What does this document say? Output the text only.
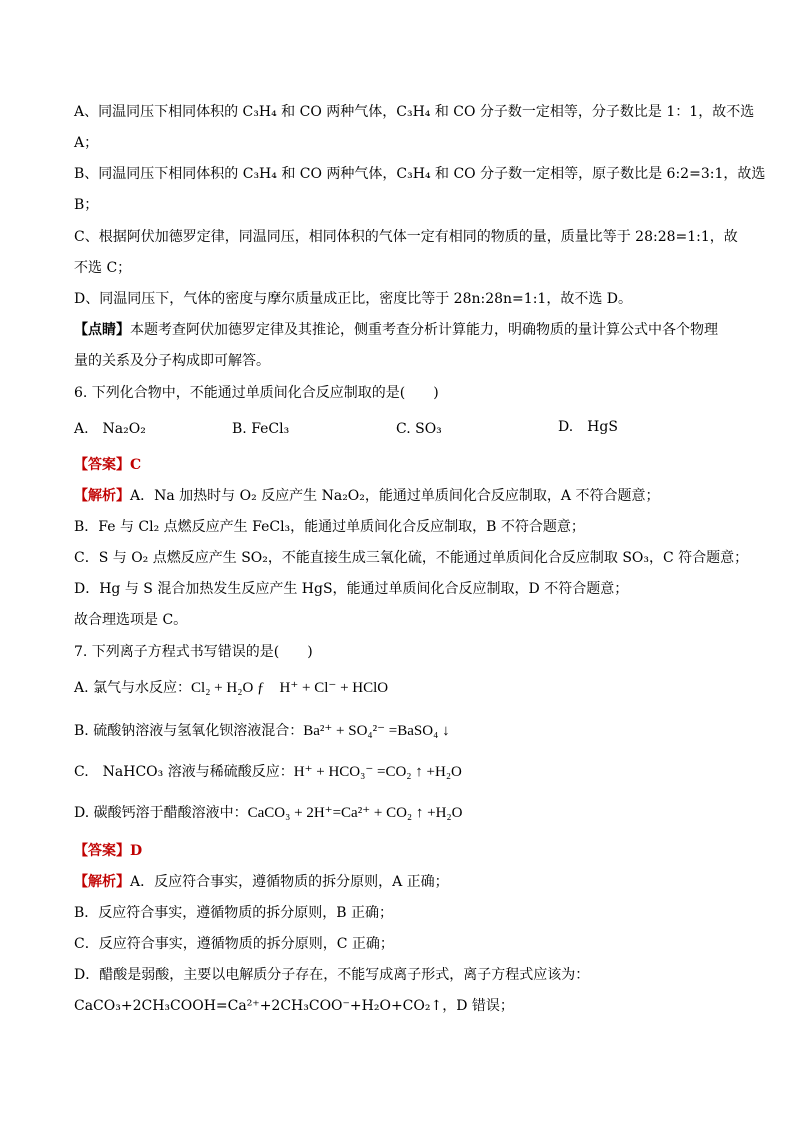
A、同温同压下相同体积的 C₃H₄ 和 CO 两种气体，C₃H₄ 和 CO 分子数一定相等，分子数比是 1：1，故不选
A；
B、同温同压下相同体积的 C₃H₄ 和 CO 两种气体，C₃H₄ 和 CO 分子数一定相等，原子数比是 6:2=3:1，故选
B；
C、根据阿伏加德罗定律，同温同压，相同体积的气体一定有相同的物质的量，质量比等于 28:28=1:1，故
不选 C；
D、同温同压下，气体的密度与摩尔质量成正比，密度比等于 28n:28n=1:1，故不选 D。
【点睛】本题考查阿伏加德罗定律及其推论，侧重考查分析计算能力，明确物质的量计算公式中各个物理
量的关系及分子构成即可解答。
6. 下列化合物中，不能通过单质间化合反应制取的是(　　)
A.　Na₂O₂	B. FeCl₃	C. SO₃	D.　HgS
【答案】C
【解析】A．Na 加热时与 O₂ 反应产生 Na₂O₂，能通过单质间化合反应制取，A 不符合题意；
B．Fe 与 Cl₂ 点燃反应产生 FeCl₃，能通过单质间化合反应制取，B 不符合题意；
C．S 与 O₂ 点燃反应产生 SO₂，不能直接生成三氧化硫，不能通过单质间化合反应制取 SO₃，C 符合题意；
D．Hg 与 S 混合加热发生反应产生 HgS，能通过单质间化合反应制取，D 不符合题意；
故合理选项是 C。
7. 下列离子方程式书写错误的是(　　)
A. 氯气与水反应：Cl₂ + H₂O ƒ　H⁺ + Cl⁻ + HClO
B. 硫酸钠溶液与氢氧化钡溶液混合：Ba²⁺ + SO₄²⁻ =BaSO₄ ↓
C.　NaHCO₃ 溶液与稀硫酸反应：H⁺ + HCO₃⁻ =CO₂ ↑ +H₂O
D. 碳酸钙溶于醋酸溶液中：CaCO₃ + 2H⁺=Ca²⁺ + CO₂ ↑ +H₂O
【答案】D
【解析】A．反应符合事实，遵循物质的拆分原则，A 正确；
B．反应符合事实，遵循物质的拆分原则，B 正确；
C．反应符合事实，遵循物质的拆分原则，C 正确；
D．醋酸是弱酸，主要以电解质分子存在，不能写成离子形式，离子方程式应该为：
CaCO₃+2CH₃COOH=Ca²⁺+2CH₃COO⁻+H₂O+CO₂↑，D 错误；
